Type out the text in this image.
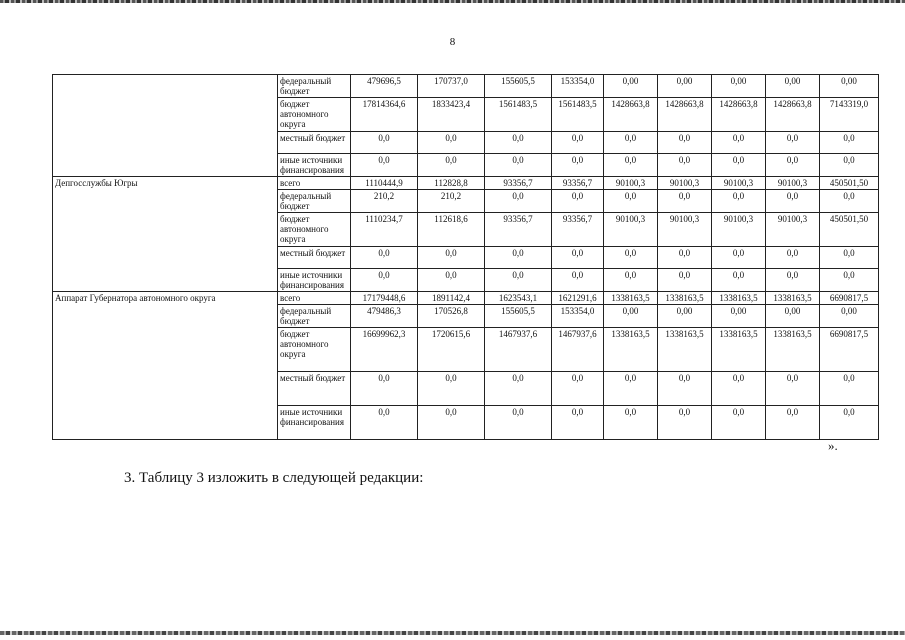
8
	федеральный бюджет	479696,5	170737,0	155605,5	153354,0	0,00	0,00	0,00	0,00	0,00
	бюджет автономного округа	17814364,6	1833423,4	1561483,5	1561483,5	1428663,8	1428663,8	1428663,8	1428663,8	7143319,0
	местный бюджет	0,0	0,0	0,0	0,0	0,0	0,0	0,0	0,0	0,0
	иные источники финансирования	0,0	0,0	0,0	0,0	0,0	0,0	0,0	0,0	0,0
Депгосслужбы Югры	всего	1110444,9	112828,8	93356,7	93356,7	90100,3	90100,3	90100,3	90100,3	450501,50
	федеральный бюджет	210,2	210,2	0,0	0,0	0,0	0,0	0,0	0,0	0,0
	бюджет автономного округа	1110234,7	112618,6	93356,7	93356,7	90100,3	90100,3	90100,3	90100,3	450501,50
	местный бюджет	0,0	0,0	0,0	0,0	0,0	0,0	0,0	0,0	0,0
	иные источники финансирования	0,0	0,0	0,0	0,0	0,0	0,0	0,0	0,0	0,0
Аппарат Губернатора автономного округа	всего	17179448,6	1891142,4	1623543,1	1621291,6	1338163,5	1338163,5	1338163,5	1338163,5	6690817,5
	федеральный бюджет	479486,3	170526,8	155605,5	153354,0	0,00	0,00	0,00	0,00	0,00
	бюджет автономного округа	16699962,3	1720615,6	1467937,6	1467937,6	1338163,5	1338163,5	1338163,5	1338163,5	6690817,5
	местный бюджет	0,0	0,0	0,0	0,0	0,0	0,0	0,0	0,0	0,0
	иные источники финансирования	0,0	0,0	0,0	0,0	0,0	0,0	0,0	0,0	0,0
».
3. Таблицу 3 изложить в следующей редакции:
